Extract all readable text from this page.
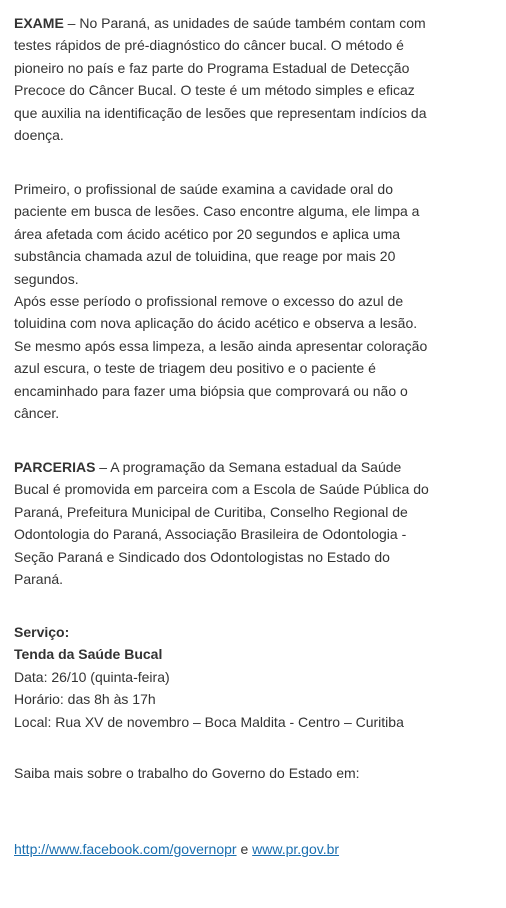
EXAME – No Paraná, as unidades de saúde também contam com testes rápidos de pré-diagnóstico do câncer bucal. O método é pioneiro no país e faz parte do Programa Estadual de Detecção Precoce do Câncer Bucal. O teste é um método simples e eficaz que auxilia na identificação de lesões que representam indícios da doença.

Primeiro, o profissional de saúde examina a cavidade oral do paciente em busca de lesões. Caso encontre alguma, ele limpa a área afetada com ácido acético por 20 segundos e aplica uma substância chamada azul de toluidina, que reage por mais 20 segundos.
Após esse período o profissional remove o excesso do azul de toluidina com nova aplicação do ácido acético e observa a lesão. Se mesmo após essa limpeza, a lesão ainda apresentar coloração azul escura, o teste de triagem deu positivo e o paciente é encaminhado para fazer uma biópsia que comprovará ou não o câncer.

PARCERIAS – A programação da Semana estadual da Saúde Bucal é promovida em parceira com a Escola de Saúde Pública do Paraná, Prefeitura Municipal de Curitiba, Conselho Regional de Odontologia do Paraná, Associação Brasileira de Odontologia - Seção Paraná e Sindicado dos Odontologistas no Estado do Paraná.

Serviço:
Tenda da Saúde Bucal
Data: 26/10 (quinta-feira)
Horário: das 8h às 17h
Local: Rua XV de novembro – Boca Maldita - Centro – Curitiba

Saiba mais sobre o trabalho do Governo do Estado em:

http://www.facebook.com/governopr e www.pr.gov.br
